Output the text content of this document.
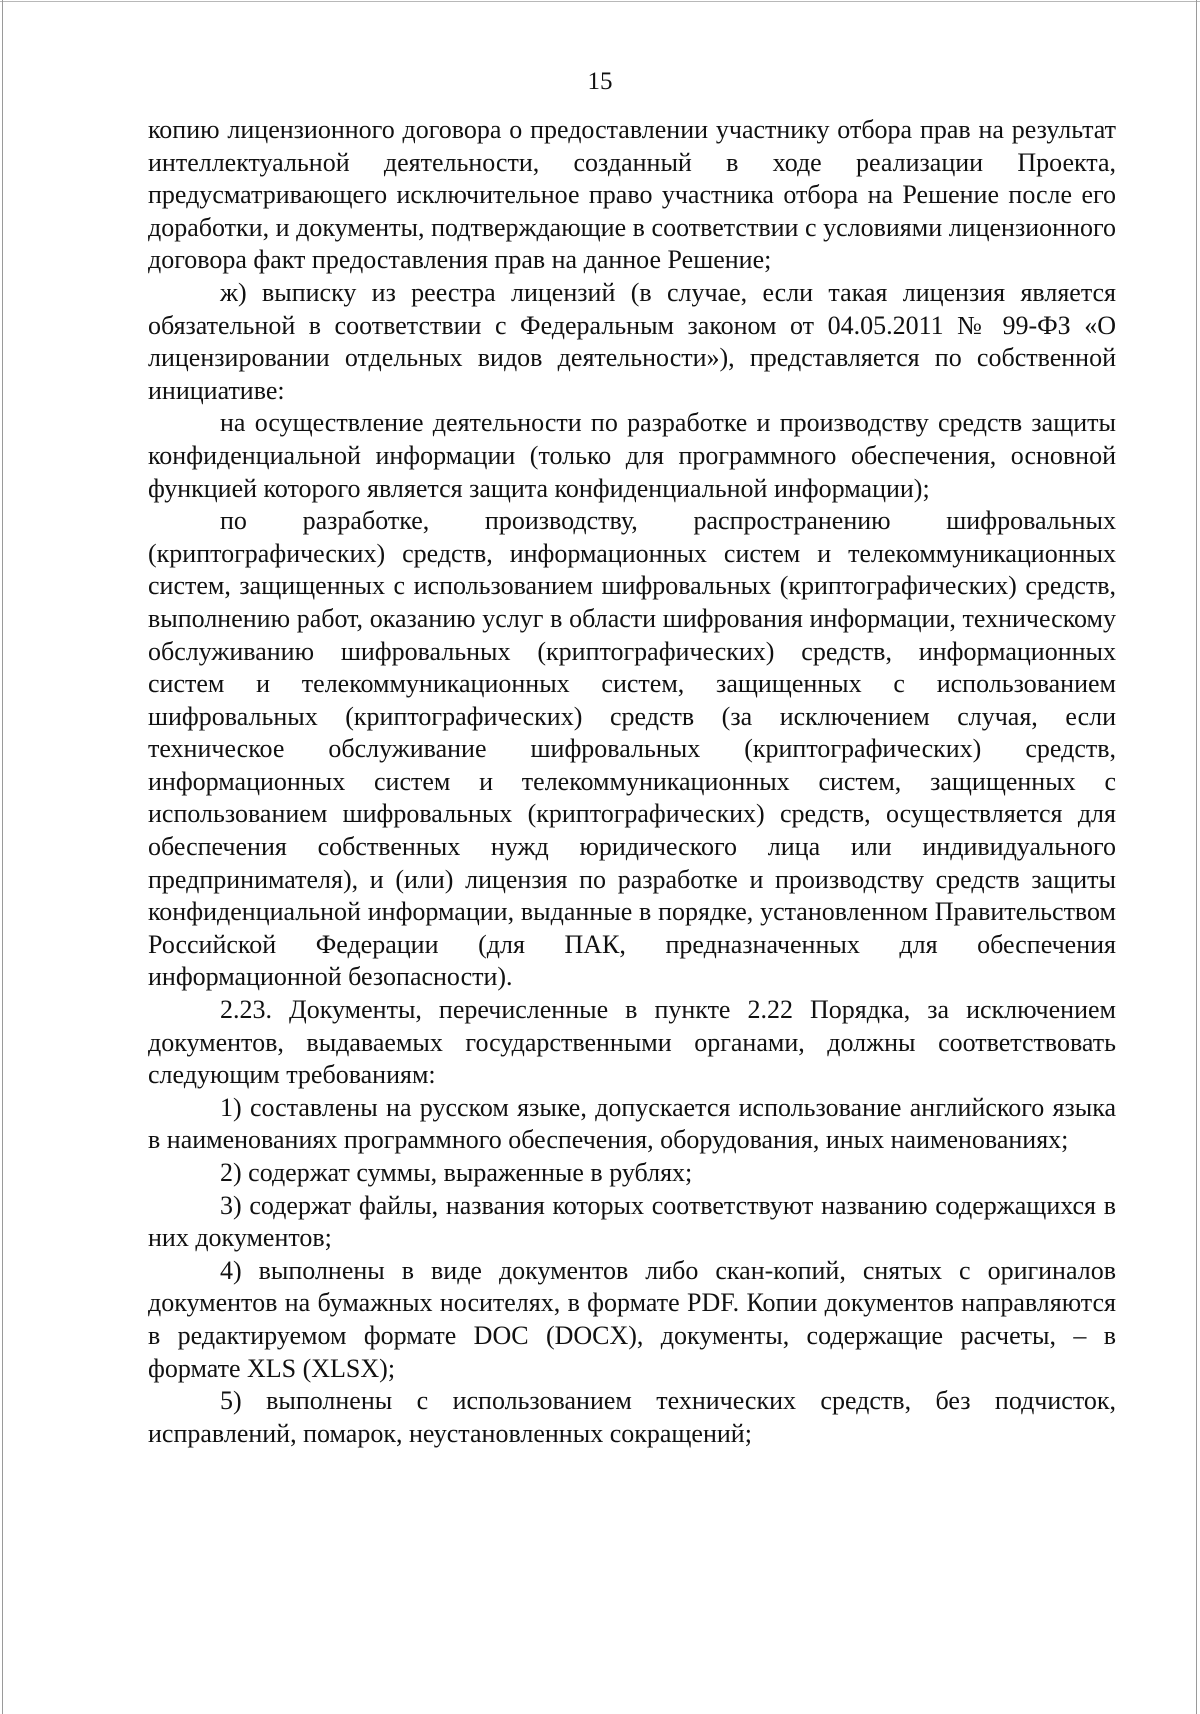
15

копию лицензионного договора о предоставлении участнику отбора прав на результат интеллектуальной деятельности, созданный в ходе реализации Проекта, предусматривающего исключительное право участника отбора на Решение после его доработки, и документы, подтверждающие в соответствии с условиями лицензионного договора факт предоставления прав на данное Решение;

ж) выписку из реестра лицензий (в случае, если такая лицензия является обязательной в соответствии с Федеральным законом от 04.05.2011 № 99-ФЗ «О лицензировании отдельных видов деятельности»), представляется по собственной инициативе:

на осуществление деятельности по разработке и производству средств защиты конфиденциальной информации (только для программного обеспечения, основной функцией которого является защита конфиденциальной информации);

по разработке, производству, распространению шифровальных (криптографических) средств, информационных систем и телекоммуникационных систем, защищенных с использованием шифровальных (криптографических) средств, выполнению работ, оказанию услуг в области шифрования информации, техническому обслуживанию шифровальных (криптографических) средств, информационных систем и телекоммуникационных систем, защищенных с использованием шифровальных (криптографических) средств (за исключением случая, если техническое обслуживание шифровальных (криптографических) средств, информационных систем и телекоммуникационных систем, защищенных с использованием шифровальных (криптографических) средств, осуществляется для обеспечения собственных нужд юридического лица или индивидуального предпринимателя), и (или) лицензия по разработке и производству средств защиты конфиденциальной информации, выданные в порядке, установленном Правительством Российской Федерации (для ПАК, предназначенных для обеспечения информационной безопасности).

2.23. Документы, перечисленные в пункте 2.22 Порядка, за исключением документов, выдаваемых государственными органами, должны соответствовать следующим требованиям:

1) составлены на русском языке, допускается использование английского языка в наименованиях программного обеспечения, оборудования, иных наименованиях;

2) содержат суммы, выраженные в рублях;

3) содержат файлы, названия которых соответствуют названию содержащихся в них документов;

4) выполнены в виде документов либо скан-копий, снятых с оригиналов документов на бумажных носителях, в формате PDF. Копии документов направляются в редактируемом формате DOC (DOCX), документы, содержащие расчеты, – в формате XLS (XLSX);

5) выполнены с использованием технических средств, без подчисток, исправлений, помарок, неустановленных сокращений;
